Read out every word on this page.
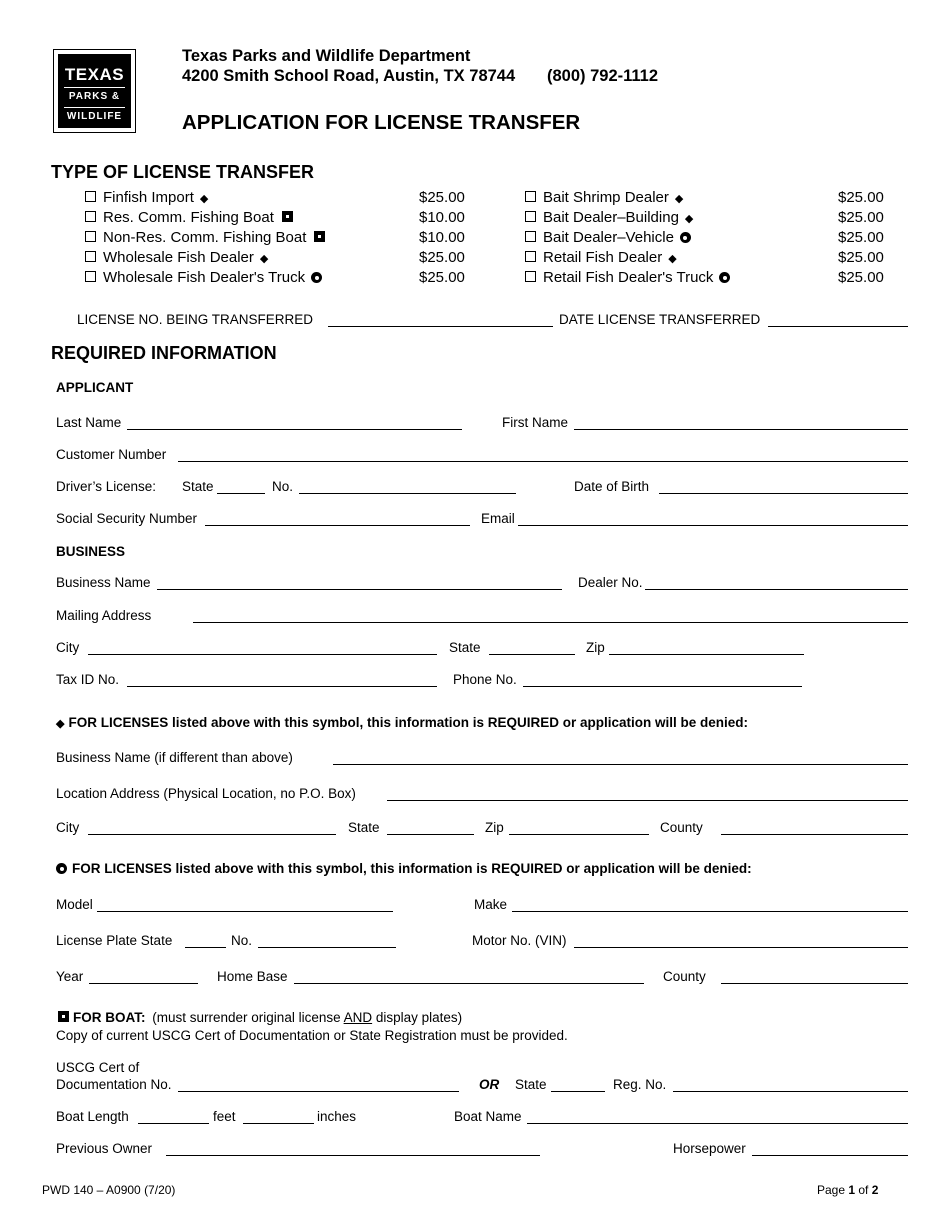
TEXAS
PARKS &
WILDLIFE
Texas Parks and Wildlife Department
4200 Smith School Road, Austin, TX 78744 (800) 792-1112
APPLICATION FOR LICENSE TRANSFER
TYPE OF LICENSE TRANSFER
Finfish Import ◆	$25.00
Res. Comm. Fishing Boat	$10.00
Non-Res. Comm. Fishing Boat	$10.00
Wholesale Fish Dealer ◆	$25.00
Wholesale Fish Dealer's Truck	$25.00
Bait Shrimp Dealer ◆	$25.00
Bait Dealer–Building ◆	$25.00
Bait Dealer–Vehicle	$25.00
Retail Fish Dealer ◆	$25.00
Retail Fish Dealer's Truck	$25.00
LICENSE NO. BEING TRANSFERRED	DATE LICENSE TRANSFERRED
REQUIRED INFORMATION
APPLICANT
Last Name	First Name
Customer Number
Driver’s License: State	No.	Date of Birth
Social Security Number	Email
BUSINESS
Business Name	Dealer No.
Mailing Address
City	State	Zip
Tax ID No.	Phone No.
◆ FOR LICENSES listed above with this symbol, this information is REQUIRED or application will be denied:
Business Name (if different than above)
Location Address (Physical Location, no P.O. Box)
City	State	Zip	County
FOR LICENSES listed above with this symbol, this information is REQUIRED or application will be denied:
Model	Make
License Plate State	No.	Motor No. (VIN)
Year	Home Base	County
FOR BOAT: (must surrender original license AND display plates)
Copy of current USCG Cert of Documentation or State Registration must be provided.
USCG Cert of
Documentation No.	OR State	Reg. No.
Boat Length	feet	inches	Boat Name
Previous Owner	Horsepower
PWD 140 – A0900 (7/20)	Page 1 of 2
